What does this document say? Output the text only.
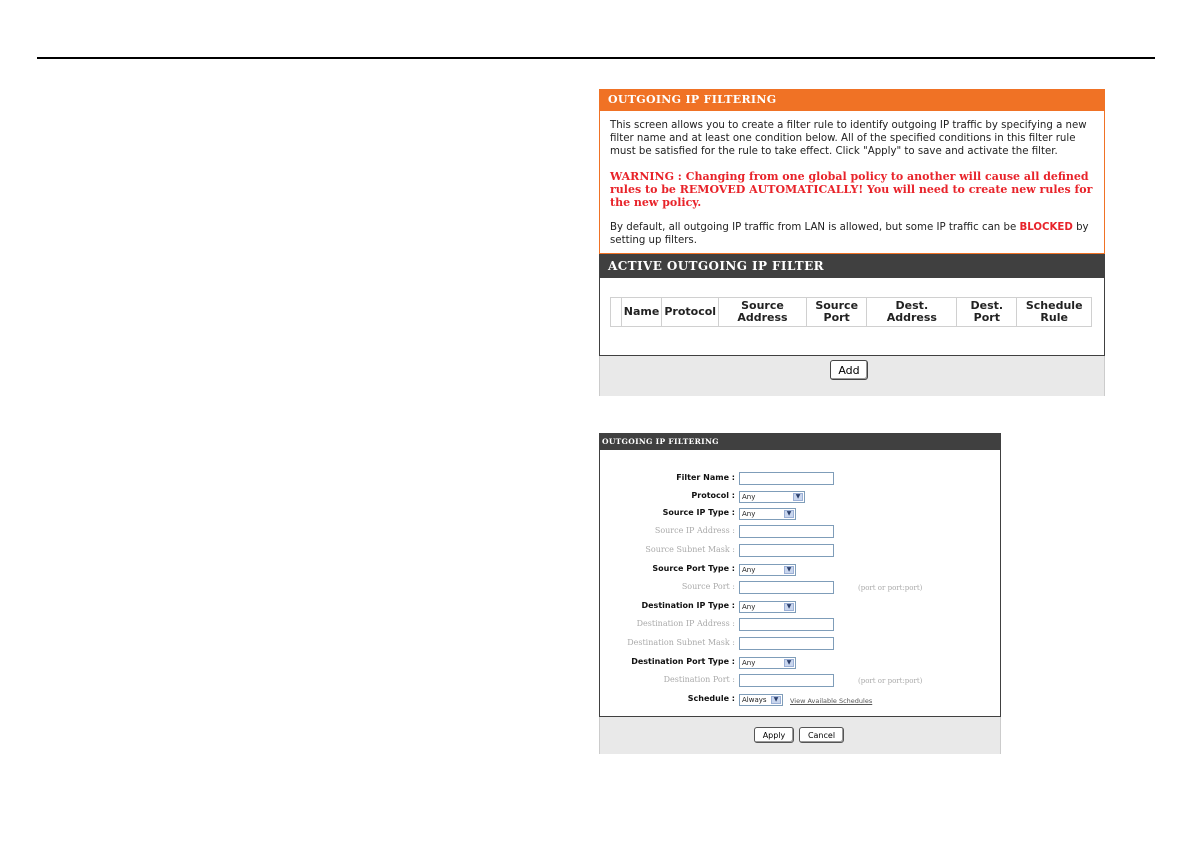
OUTGOING IP FILTERING

This screen allows you to create a filter rule to identify outgoing IP traffic by specifying a new filter name and at least one condition below. All of the specified conditions in this filter rule must be satisfied for the rule to take effect. Click "Apply" to save and activate the filter.

WARNING : Changing from one global policy to another will cause all defined rules to be REMOVED AUTOMATICALLY! You will need to create new rules for the new policy.

By default, all outgoing IP traffic from LAN is allowed, but some IP traffic can be BLOCKED by setting up filters.

ACTIVE OUTGOING IP FILTER
	Name	Protocol	Source Address	Source Port	Dest. Address	Dest. Port	Schedule Rule
Add
OUTGOING IP FILTERING
Filter Name :
Protocol :	Any	▼
Source IP Type :	Any	▼
Source IP Address :
Source Subnet Mask :
Source Port Type :	Any	▼
Source Port :	(port or port:port)
Destination IP Type :	Any	▼
Destination IP Address :
Destination Subnet Mask :
Destination Port Type :	Any	▼
Destination Port :	(port or port:port)
Schedule :	Always	▼	View Available Schedules
Apply	Cancel
